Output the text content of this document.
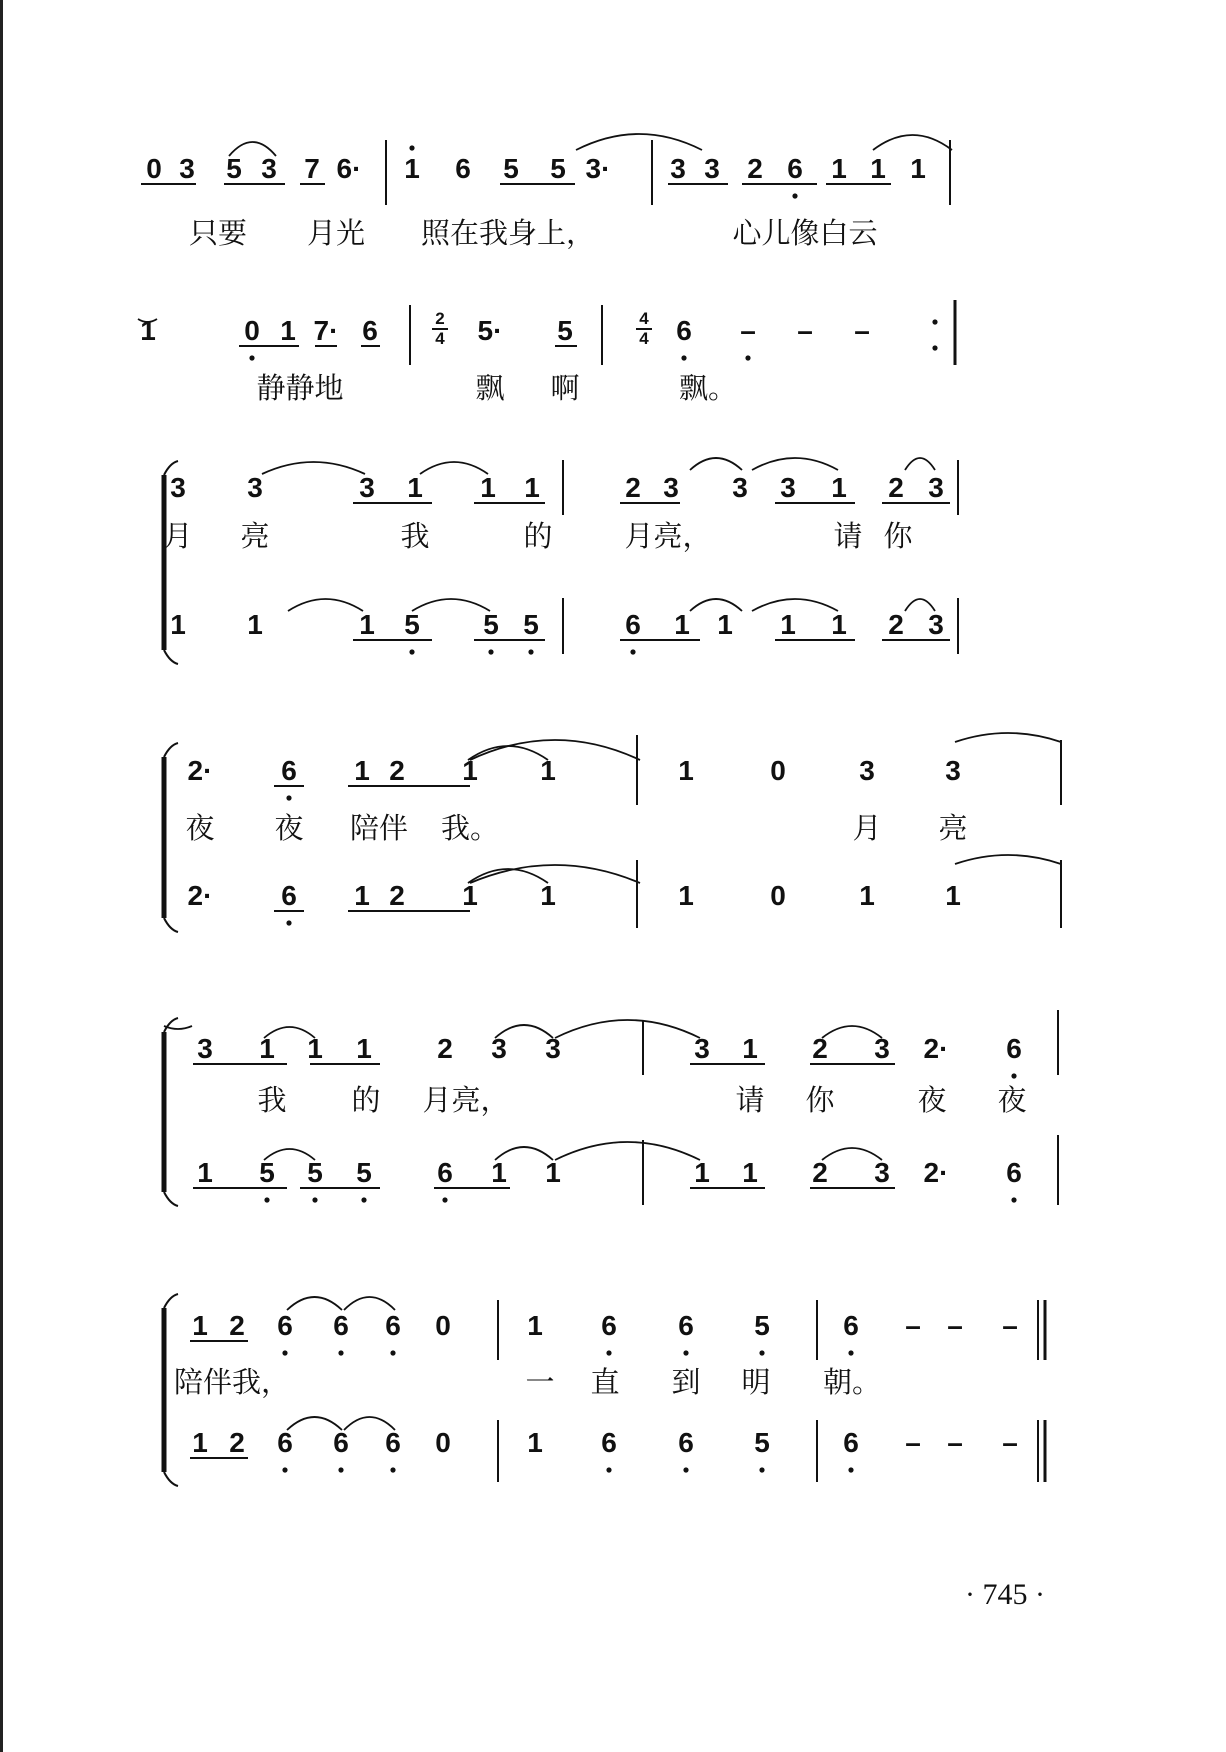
0 3 5 3 7 6· 1 6 5 5 3· 3 3 2 6 1 1 1
只要 月光 照在我身上，	心儿像白云
1	0 1 7· 6	5· 5	6 – – –
2
4
4
4
静静地	飘 啊	飘。
3 3	3 1 1 1	2 3 3 3 1 2 3
1 1	1 5 5 5	6 1 1 1 1 2 3
月 亮	我	的 月亮，	请 你
2· 6 1 2 1 1	1	0	3	3
2· 6 1 2 1 1	1	0	1	1
夜 夜 陪伴 我。	月 亮
3 1 1 1 2 3 3	3 1 2 3 2· 6
1 5 5 5 6 1 1	1 1 2 3 2· 6
我 的 月亮，	请 你	夜 夜
1 2 6 6 6 0	1 6 6 5	6 – – –
1 2 6 6 6 0	1 6 6 5	6 – – –
陪伴我，	一 直 到 明 朝。
· 745 ·
